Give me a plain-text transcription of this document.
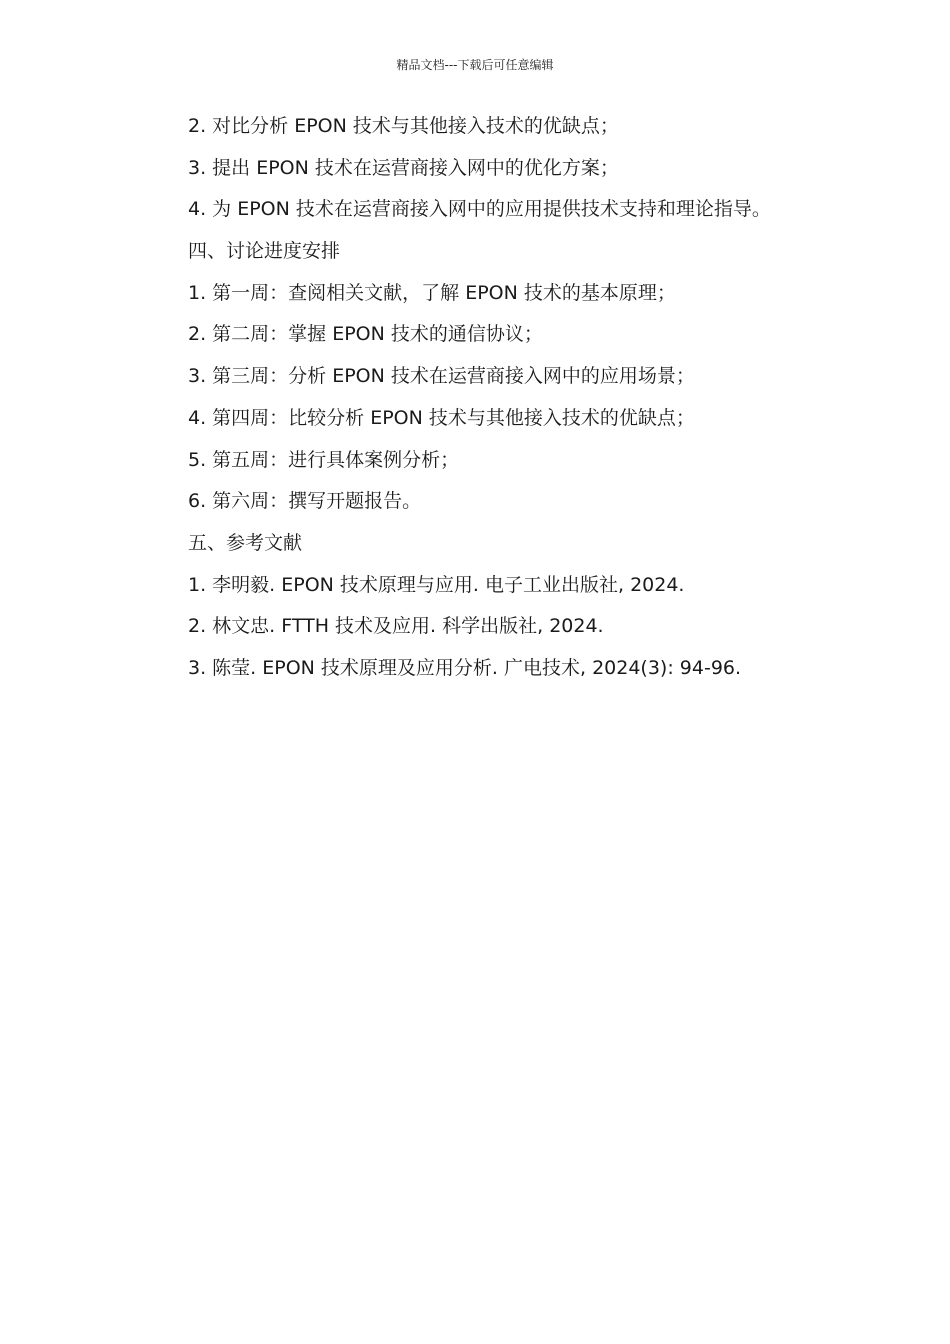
精品文档---下载后可任意编辑
2. 对比分析 EPON 技术与其他接入技术的优缺点；
3. 提出 EPON 技术在运营商接入网中的优化方案；
4. 为 EPON 技术在运营商接入网中的应用提供技术支持和理论指导。
四、讨论进度安排
1. 第一周：查阅相关文献，了解 EPON 技术的基本原理；
2. 第二周：掌握 EPON 技术的通信协议；
3. 第三周：分析 EPON 技术在运营商接入网中的应用场景；
4. 第四周：比较分析 EPON 技术与其他接入技术的优缺点；
5. 第五周：进行具体案例分析；
6. 第六周：撰写开题报告。
五、参考文献
1. 李明毅. EPON 技术原理与应用. 电子工业出版社, 2024.
2. 林文忠. FTTH 技术及应用. 科学出版社, 2024.
3. 陈莹. EPON 技术原理及应用分析. 广电技术, 2024(3): 94-96.
